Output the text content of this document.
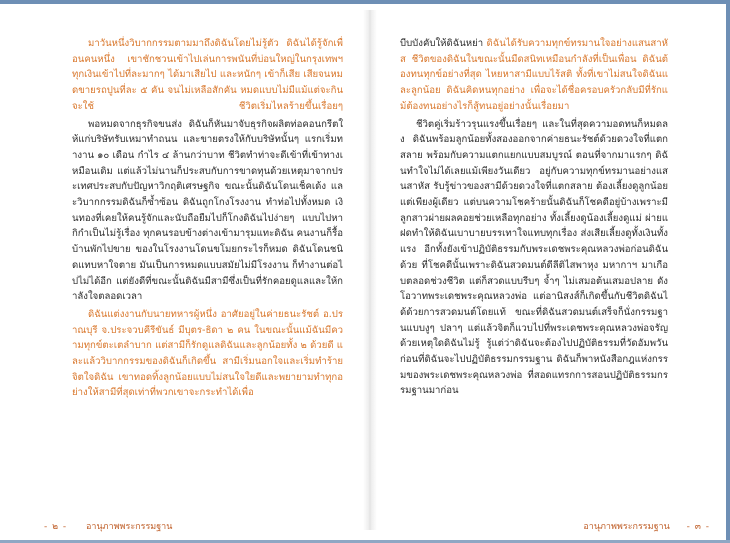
มาวันหนึ่งวิบากกรรมตามมาถึงดิฉันโดยไม่รู้ตัว ดิฉันได้รู้จักเพื่อนคนหนึ่ง เขาชักชวนเข้าไปเล่นการพนันที่บ่อนใหญ่ในกรุงเทพฯ ทุกเงินเข้าไปที่ละมากๆ ได้มาเสียไป และหนักๆ เข้าก็เสีย เสียจนหมดขายรถปูนที่ละ ๕ คัน จนไม่เหลือสักคัน หมดแบบไม่มีแม้แต่จะกินจะใช้ ชีวิตเริ่มไหลร้ายขึ้นเรื่อยๆ

พอหมดจากธุรกิจขนส่ง ดิฉันก็หันมาจับธุรกิจผลิตท่อคอนกรีตให้แก่บริษัทรับเหมาทำถนน และขายตรงให้กับบริษัทนั้นๆ แรกเริ่มทำงาน ๑๐ เดือน กำไร ๔ ล้านกว่าบาท ชีวิตทำท่าจะดีเข้าที่เข้าทางเหมือนเดิม แต่แล้วไม่นานก็ประสบกับการขาดทุนด้วยเหตุมาจากประเทศประสบกับปัญหาวิกฤติเศรษฐกิจ ขณะนั้นดิฉันโดนเช็คเด้ง และวิบากกรรมดิฉันก็ซ้ำซ้อน ดิฉันถูกโกงโรงงาน ทำท่อไปทั้งหมด เงินทองที่เคยให้คนรู้จักและนับถือยืมไปก็โกงดิฉันไปง่ายๆ แบบไปหากิกำเป็นไม่รู้เรื่อง ทุกคนรอบข้างต่างเข้ามารุมแทะดิฉัน คนงานก็รื้อบ้านพักไปขาย ของในโรงงานโดนขโมยกระไรก็หมด ดิฉันโดนชนิดแทบหาใจตาย มันเป็นการหมดแบบสมัยไม่มีโรงงาน ก็ทำงานต่อไปไม่ได้อีก แต่ยังดีที่ขณะนั้นดิฉันมีสามีซึ่งเป็นที่รักคอยดูแลและให้กำลังใจตลอดเวลา

ดิฉันแต่งงานกับนายทหารผู้หนึ่ง อาศัยอยู่ในค่ายธนะรัชต์ อ.ปราณบุรี จ.ประจวบคีรีขันธ์ มีบุตร-ธิดา ๒ คน ในขณะนั้นแม้ฉันมีความทุกข์ตะเตลำบาก แต่สามีก็รักดูแลดิฉันและลูกน้อยทั้ง ๒ ด้วยดี และแล้ววิบากกรรมของดิฉันก็เกิดขึ้น สามีเริ่มนอกใจและเริ่มทำร้ายจิตใจดิฉัน เขาทอดทิ้งลูกน้อยแบบไม่สนใจใยดีและพยายามทำทุกอย่างให้สามีที่สุดเท่าที่พวกเขาจะกระทำได้เพื่อ

บีบบังคับให้ดิฉันหย่า ดิฉันได้รับความทุกข์ทรมานใจอย่างแสนสาหัส ชีวิตของดิฉันในขณะนั้นมืดสนิทเหมือนกำลังที่เป็นเพื่อน ดิฉันต้องทนทุกข์อย่างที่สุด ไหยหาสามีแบบไร้สติ ทั้งที่เขาไม่สนใจดิฉันและลูกน้อย ดิฉันคิดหนทุกอย่าง เพื่อจะได้ชื่อครอบครัวกลับมีที่รักแม้ต้องทนอย่างไรก็สู้ทนอยู่อย่างนั้นเรื่อยมา

ชีวิตคู่เริ่มร้าวรุนแรงขึ้นเรื่อยๆ และในที่สุดความอดทนก็หมดลง ดิฉันพร้อมลูกน้อยทั้งสองออกจากค่ายธนะรัชต์ด้วยดวงใจที่แตกสลาย พร้อมกับความแตกแยกแบบสมบูรณ์ ตอนที่จากมาแรกๆ ดิฉันทำใจไม่ได้เลยแม้เพียงวันเดียว อยู่กับความทุกข์ทรมานอย่างแสนสาหัส รับรู้ข่าวของสามีด้วยดวงใจที่แตกสลาย ต้องเลี้ยงดูลูกน้อยแต่เพียงผู้เดียว แต่บนความโชคร้ายนั้นดิฉันก็โชคดีอยู่บ้างเพราะมีลูกสาวผ่ายผลคอยช่วยเหลือทุกอย่าง ทั้งเลี้ยงดูน้องเลี้ยงดูแม่ ผ่ายแฝดทำให้ดิฉันเบาบายบรรเทาใจแทบทุกเรื่อง ส่งเสียเลี้ยงดูทั้งเงินทั้งแรง อีกทั้งยังเข้าปฏิบัติธรรมกับพระเดชพระคุณหลวงพ่อก่อนดิฉันด้วย ที่โชคดีนั้นเพราะดิฉันสวดมนต์ดีลีติไสพาหุง มหากาฯ มาเกือบตลอดช่วงชีวิต แต่ก็สวดแบบรีบๆ จ้ำๆ ไม่เสมอต้นเสมอปลาย ดังโอวาทพระเดชพระคุณหลวงพ่อ แต่อานิสงส์ก็เกิดขึ้นกับชีวิตดิฉันได้ด้วยการสวดมนต์โดยแท้ ขณะที่ดิฉันสวดมนต์เสร็จก็นั่งกรรมฐานแบบงูๆ ปลาๆ แต่แล้วจิตก็แวบไปที่พระเดชพระคุณหลวงพ่อจรัญ ด้วยเหตุใดดิฉันไม่รู้ รู้แต่ว่าดิฉันจะต้องไปปฏิบัติธรรมที่วัดอัมพวัน ก่อนที่ดิฉันจะไปปฏิบัติธรรมกรรมฐาน ดิฉันก็พาหนังสือกฎแห่งกรรมของพระเดชพระคุณหลวงพ่อ ที่สอดแทรกการสอนปฏิบัติธรรมกรรมฐานมาก่อน

- ๒ - อานุภาพพระกรรมฐาน	อานุภาพพระกรรมฐาน - ๓ -
